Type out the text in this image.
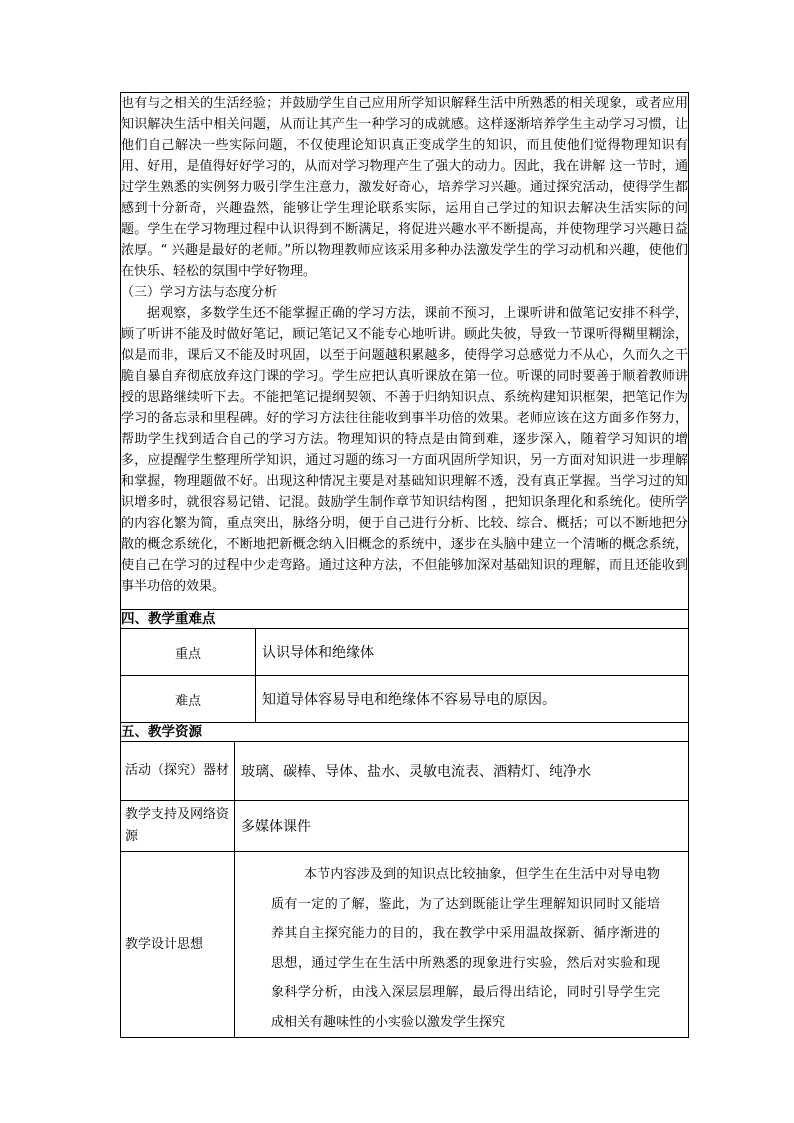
也有与之相关的生活经验；并鼓励学生自己应用所学知识解释生活中所熟悉的相关现象，或者应用知识解决生活中相关问题，从而让其产生一种学习的成就感。这样逐渐培养学生主动学习习惯，让他们自己解决一些实际问题，不仅使理论知识真正变成学生的知识，而且使他们觉得物理知识有用、好用，是值得好好学习的，从而对学习物理产生了强大的动力。因此，我在讲解 这一节时，通过学生熟悉的实例努力吸引学生注意力，激发好奇心，培养学习兴趣。通过探究活动，使得学生都感到十分新奇，兴趣盎然，能够让学生理论联系实际，运用自己学过的知识去解决生活实际的问题。学生在学习物理过程中认识得到不断满足，将促进兴趣水平不断提高，并使物理学习兴趣日益浓厚。“ 兴趣是最好的老师。”所以物理教师应该采用多种办法激发学生的学习动机和兴趣，使他们在快乐、轻松的氛围中学好物理。

（三）学习方法与态度分析

据观察，多数学生还不能掌握正确的学习方法，课前不预习，上课听讲和做笔记安排不科学，顾了听讲不能及时做好笔记，顾记笔记又不能专心地听讲。顾此失彼，导致一节课听得糊里糊涂，似是而非，课后又不能及时巩固，以至于问题越积累越多，使得学习总感觉力不从心，久而久之干脆自暴自弃彻底放弃这门课的学习。学生应把认真听课放在第一位。听课的同时要善于顺着教师讲授的思路继续听下去。不能把笔记提纲契领、不善于归纳知识点、系统构建知识框架，把笔记作为学习的备忘录和里程碑。好的学习方法往往能收到事半功倍的效果。老师应该在这方面多作努力，帮助学生找到适合自己的学习方法。物理知识的特点是由简到难，逐步深入，随着学习知识的增多，应提醒学生整理所学知识，通过习题的练习一方面巩固所学知识，另一方面对知识进一步理解和掌握，物理题做不好。出现这种情况主要是对基础知识理解不透，没有真正掌握。当学习过的知识增多时，就很容易记错、记混。鼓励学生制作章节知识结构图 ，把知识条理化和系统化。使所学的内容化繁为简，重点突出，脉络分明，便于自己进行分析、比较、综合、概括；可以不断地把分散的概念系统化，不断地把新概念纳入旧概念的系统中，逐步在头脑中建立一个清晰的概念系统，使自己在学习的过程中少走弯路。通过这种方法，不但能够加深对基础知识的理解，而且还能收到事半功倍的效果。		

四、教学重难点		
重点		认识导体和绝缘体
难点		知道导体容易导电和绝缘体不容易导电的原因。
五、教学资源		
活动（探究）器材	玻璃、碳棒、导体、盐水、灵敏电流表、酒精灯、纯净水	
教学支持及网络资源	多媒体课件	
教学设计思想	本节内容涉及到的知识点比较抽象，但学生在生活中对导电物质有一定的了解，鉴此，为了达到既能让学生理解知识同时又能培养其自主探究能力的目的，我在教学中采用温故探新、循序渐进的思想，通过学生在生活中所熟悉的现象进行实验，然后对实验和现象科学分析，由浅入深层层理解，最后得出结论，同时引导学生完成相关有趣味性的小实验以激发学生探究	
